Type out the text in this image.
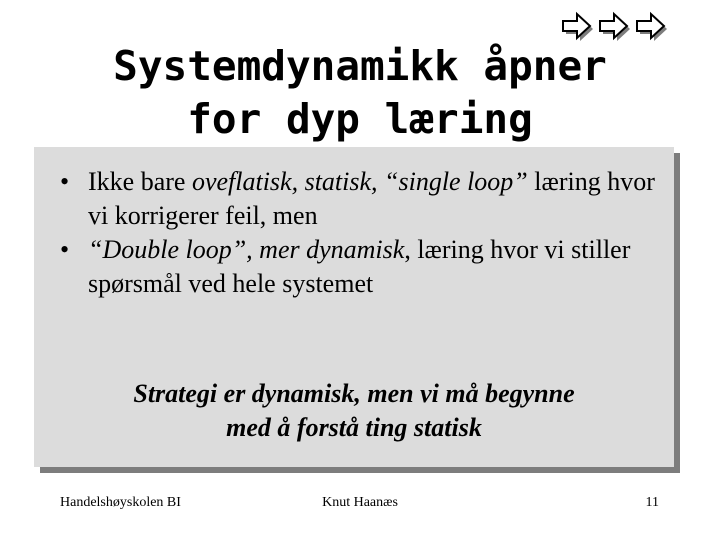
Systemdynamikk åpner
for dyp læring
• Ikke bare oveflatisk, statisk, “single loop” læring hvor vi korrigerer feil, men
• “Double loop”, mer dynamisk, læring hvor vi stiller spørsmål ved hele systemet
Strategi er dynamisk, men vi må begynne
med å forstå ting statisk
Handelshøyskolen BI	Knut Haanæs	11
